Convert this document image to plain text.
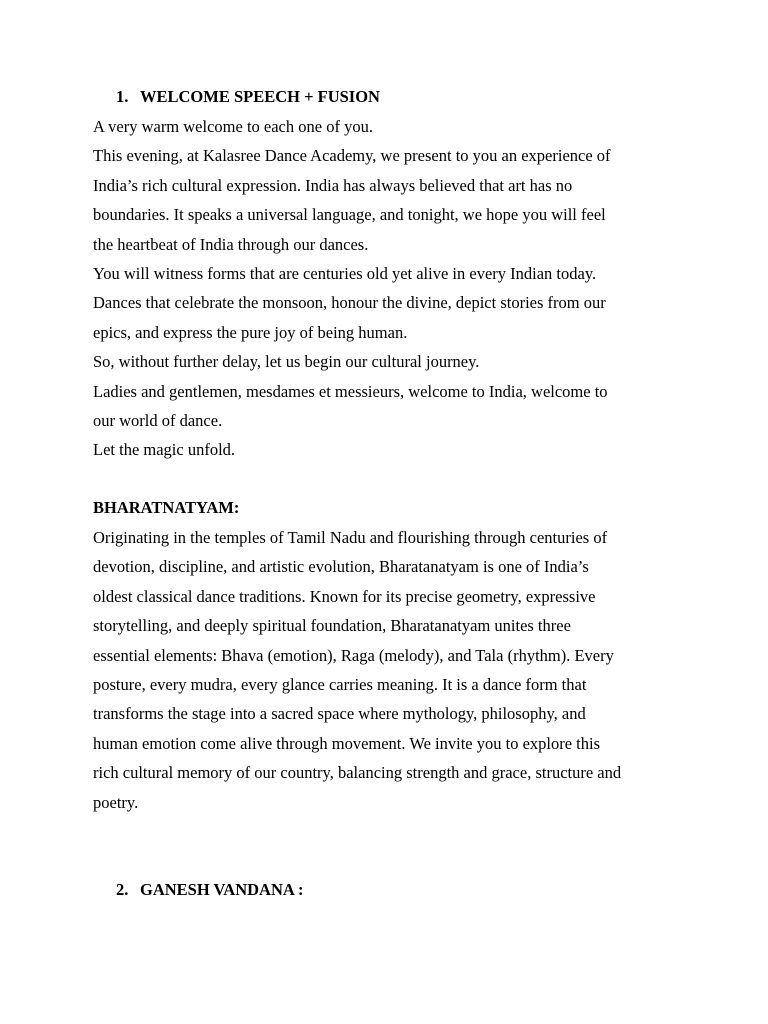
1. WELCOME SPEECH + FUSION
A very warm welcome to each one of you.
This evening, at Kalasree Dance Academy, we present to you an experience of
India’s rich cultural expression. India has always believed that art has no
boundaries. It speaks a universal language, and tonight, we hope you will feel
the heartbeat of India through our dances.
You will witness forms that are centuries old yet alive in every Indian today.
Dances that celebrate the monsoon, honour the divine, depict stories from our
epics, and express the pure joy of being human.
So, without further delay, let us begin our cultural journey.
Ladies and gentlemen, mesdames et messieurs, welcome to India, welcome to
our world of dance.
Let the magic unfold.
BHARATNATYAM:
Originating in the temples of Tamil Nadu and flourishing through centuries of
devotion, discipline, and artistic evolution, Bharatanatyam is one of India’s
oldest classical dance traditions. Known for its precise geometry, expressive
storytelling, and deeply spiritual foundation, Bharatanatyam unites three
essential elements: Bhava (emotion), Raga (melody), and Tala (rhythm). Every
posture, every mudra, every glance carries meaning. It is a dance form that
transforms the stage into a sacred space where mythology, philosophy, and
human emotion come alive through movement. We invite you to explore this
rich cultural memory of our country, balancing strength and grace, structure and
poetry.
2. GANESH VANDANA :
